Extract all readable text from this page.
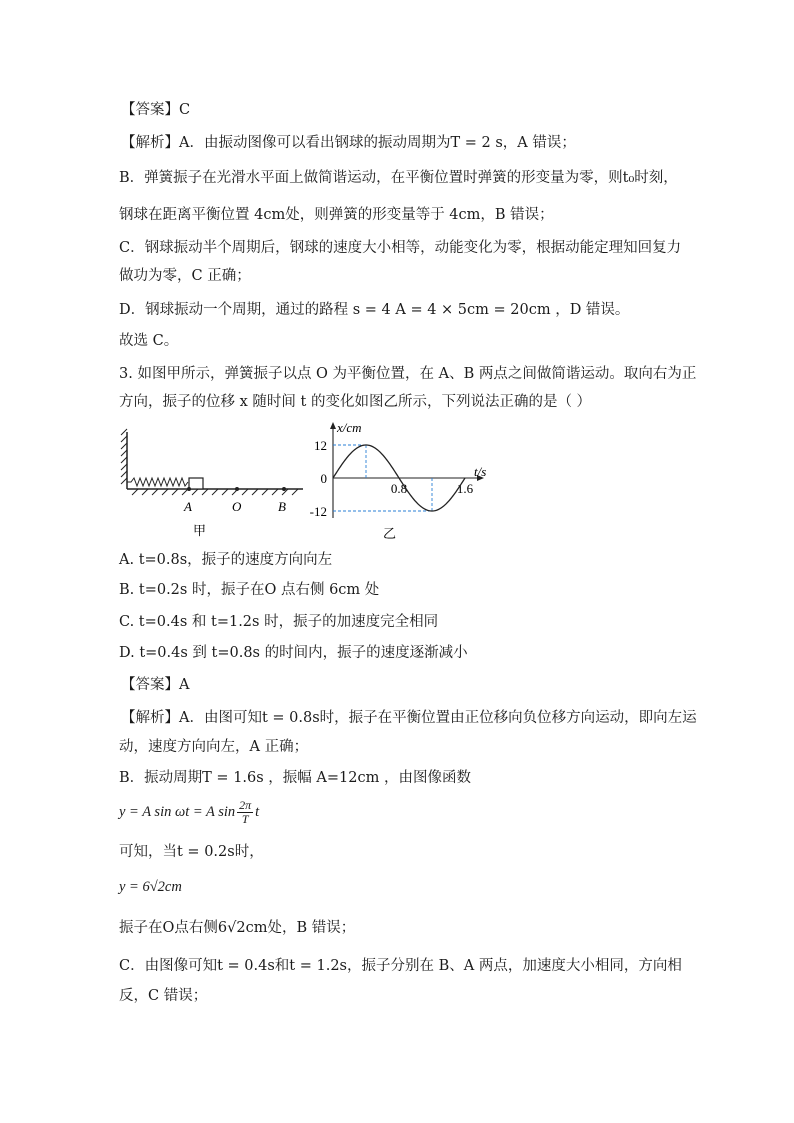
【答案】C
【解析】A．由振动图像可以看出钢球的振动周期为T = 2 s，A 错误；
B．弹簧振子在光滑水平面上做简谐运动，在平衡位置时弹簧的形变量为零，则t₀时刻，
钢球在距离平衡位置 4cm处，则弹簧的形变量等于 4cm，B 错误；
C．钢球振动半个周期后，钢球的速度大小相等，动能变化为零，根据动能定理知回复力
做功为零，C 正确；
D．钢球振动一个周期，通过的路程 s = 4 A = 4 × 5cm = 20cm ，D 错误。
故选 C。
3. 如图甲所示，弹簧振子以点 O 为平衡位置，在 A、B 两点之间做简谐运动。取向右为正
方向，振子的位移 x 随时间 t 的变化如图乙所示，下列说法正确的是（ ）
A	O	B
甲
x/cm
t/s
12
0
-12
0.8	1.6
乙
A. t=0.8s，振子的速度方向向左
B. t=0.2s 时，振子在O 点右侧 6cm 处
C. t=0.4s 和 t=1.2s 时，振子的加速度完全相同
D. t=0.4s 到 t=0.8s 的时间内，振子的速度逐渐减小
【答案】A
【解析】A．由图可知t = 0.8s时，振子在平衡位置由正位移向负位移方向运动，即向左运
动，速度方向向左，A 正确；
B．振动周期T = 1.6s ，振幅 A=12cm ，由图像函数
y = A sin ωt = A $\sin \frac{2\pi}{T}$ t
可知，当t = 0.2s时，
y = 6√2cm
振子在O点右侧6√2cm处，B 错误；
C．由图像可知t = 0.4s和t = 1.2s，振子分别在 B、A 两点，加速度大小相同，方向相
反，C 错误；
